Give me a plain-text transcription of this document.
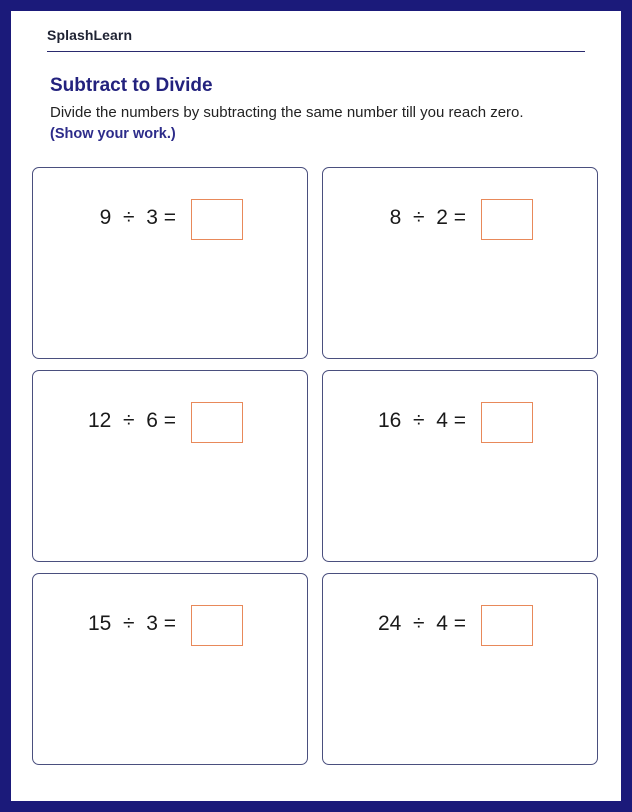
SplashLearn
Subtract to Divide
Divide the numbers by subtracting the same number till you reach zero.
(Show your work.)
9  ÷  3 =	8  ÷  2 =
12  ÷  6 =	16  ÷  4 =
15  ÷  3 =	24  ÷  4 =
